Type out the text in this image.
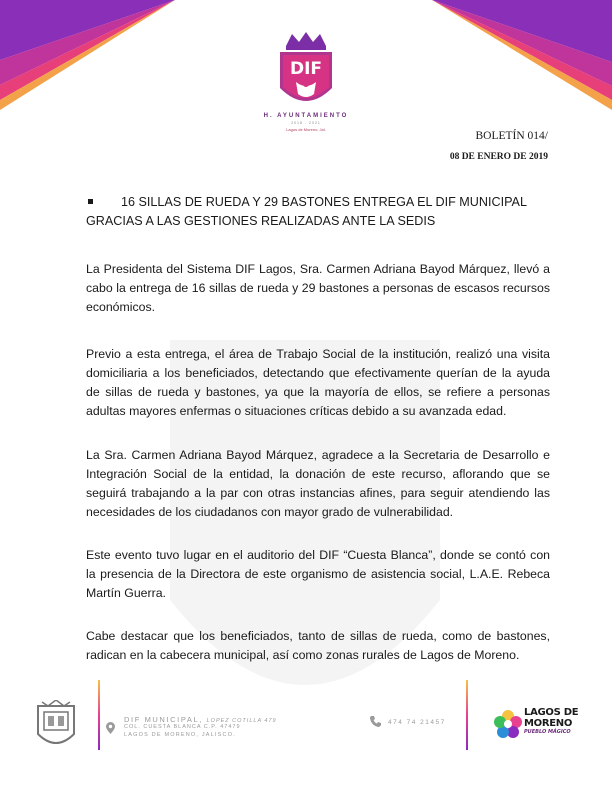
DIF
H. AYUNTAMIENTO
2018 - 2021
Lagos de Moreno, Jal.
BOLETÍN 014/
08 DE ENERO DE 2019
16 SILLAS DE RUEDA Y 29 BASTONES ENTREGA EL DIF MUNICIPAL GRACIAS A LAS GESTIONES REALIZADAS ANTE LA SEDIS

La Presidenta del Sistema DIF Lagos, Sra. Carmen Adriana Bayod Márquez, llevó a cabo la entrega de 16 sillas de rueda y 29 bastones a personas de escasos recursos económicos.

Previo a esta entrega, el área de Trabajo Social de la institución, realizó una visita domiciliaria a los beneficiados, detectando que efectivamente querían de la ayuda de sillas de rueda y bastones, ya que la mayoría de ellos, se refiere a personas adultas mayores enfermas o situaciones críticas debido a su avanzada edad.

La Sra. Carmen Adriana Bayod Márquez, agradece a la Secretaria de Desarrollo e Integración Social de la entidad, la donación de este recurso, aflorando que se seguirá trabajando a la par con otras instancias afines, para seguir atendiendo las necesidades de los ciudadanos con mayor grado de vulnerabilidad.

Este evento tuvo lugar en el auditorio del DIF “Cuesta Blanca”, donde se contó con la presencia de la Directora de este organismo de asistencia social, L.A.E. Rebeca Martín Guerra.

Cabe destacar que los beneficiados, tanto de sillas de rueda, como de bastones, radican en la cabecera municipal, así como zonas rurales de Lagos de Moreno.

DIF MUNICIPAL, LOPEZ COTILLA 479
COL. CUESTA BLANCA C.P. 47479
LAGOS DE MORENO, JALISCO.
474 74 21457
LAGOS DE
MORENO
PUEBLO MÁGICO
